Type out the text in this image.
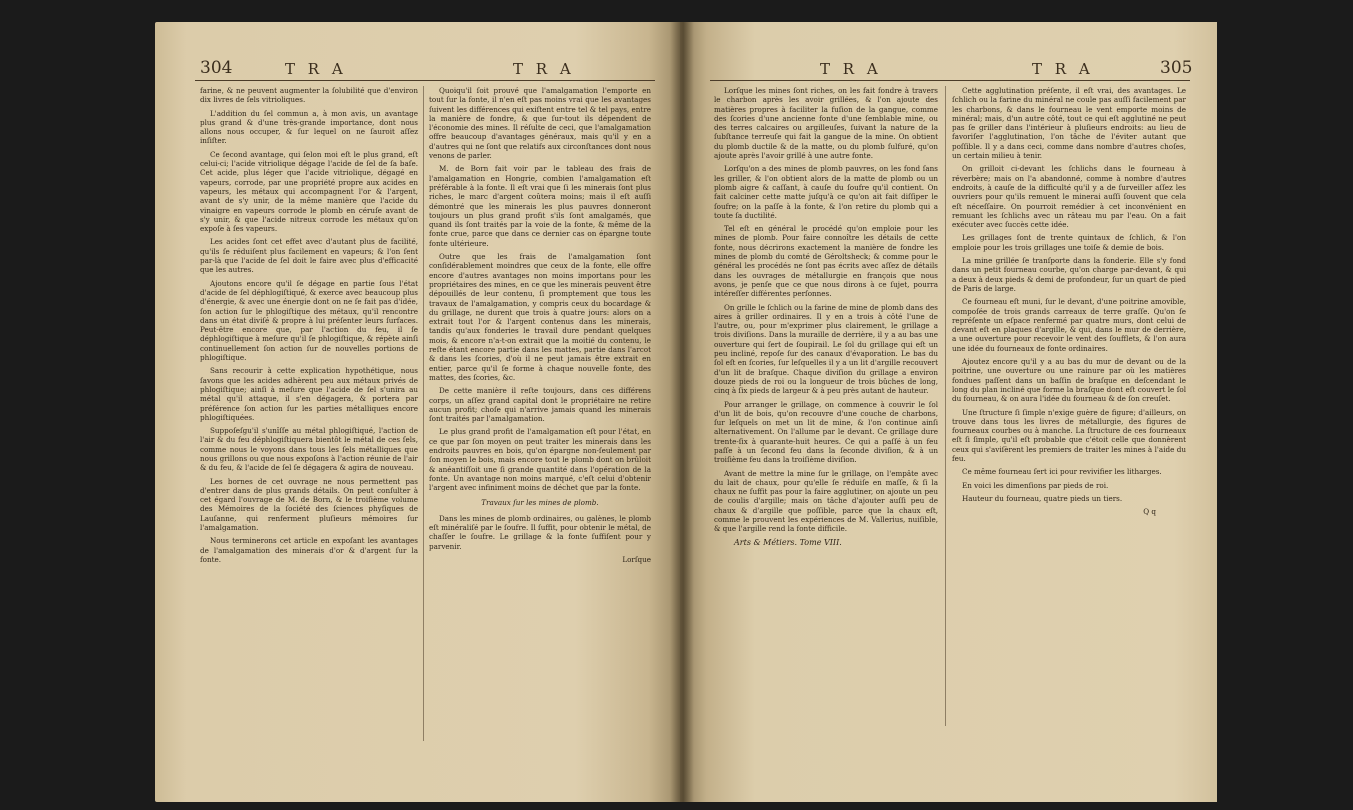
304	T R A	T R A

farine, & ne peuvent augmenter la ſolubilité que d'environ dix livres de ſels vitrioliques.

L'addition du ſel commun a, à mon avis, un avantage plus grand & d'une très-grande importance, dont nous allons nous occuper, & ſur lequel on ne ſauroit aſſez inſiſter.

Ce ſecond avantage, qui ſelon moi eſt le plus grand, eſt celui-ci; l'acide vitriolique dégage l'acide de ſel de ſa baſe. Cet acide, plus léger que l'acide vitriolique, dégagé en vapeurs, corrode, par une propriété propre aux acides en vapeurs, les métaux qui accompagnent l'or & l'argent, avant de s'y unir, de la même manière que l'acide du vinaigre en vapeurs corrode le plomb en céruſe avant de s'y unir, & que l'acide nitreux corrode les métaux qu'on expoſe à ſes vapeurs.

Les acides ſont cet effet avec d'autant plus de facilité, qu'ils ſe réduiſent plus facilement en vapeurs; & l'on ſent par-là que l'acide de ſel doit le faire avec plus d'efficacité que les autres.

Ajoutons encore qu'il ſe dégage en partie ſous l'état d'acide de ſel déphlogiſtiqué, & exerce avec beaucoup plus d'énergie, & avec une énergie dont on ne ſe fait pas d'idée, ſon action ſur le phlogiſtique des métaux, qu'il rencontre dans un état diviſé & propre à lui préſenter leurs ſurfaces. Peut-être encore que, par l'action du feu, il ſe déphlogiſtique à meſure qu'il ſe phlogiſtique, & répète ainſi continuellement ſon action ſur de nouvelles portions de phlogiſtique.

Sans recourir à cette explication hypothétique, nous ſavons que les acides adhèrent peu aux métaux privés de phlogiſtique; ainſi à meſure que l'acide de ſel s'unira au métal qu'il attaque, il s'en dégagera, & portera par préférence ſon action ſur les parties métalliques encore phlogiſtiquées.

Suppoſeſgu'il s'unîſſe au métal phlogiſtiqué, l'action de l'air & du feu déphlogiſtiquera bientôt le métal de ces ſels, comme nous le voyons dans tous les ſels métalliques que nous grillons ou que nous expoſons à l'action réunie de l'air & du feu, & l'acide de ſel ſe dégagera & agira de nouveau.

Les bornes de cet ouvrage ne nous permettent pas d'entrer dans de plus grands détails. On peut conſulter à cet égard l'ouvrage de M. de Born, & le troiſième volume des Mémoires de la ſociété des ſciences phyſiques de Lauſanne, qui renferment pluſieurs mémoires ſur l'amalgamation.

Nous terminerons cet article en expoſant les avantages de l'amalgamation des minerais d'or & d'argent ſur la fonte.

Quoiqu'il ſoit prouvé que l'amalgamation l'emporte en tout ſur la fonte, il n'en eſt pas moins vrai que les avantages ſuivent les différences qui exiſtent entre tel & tel pays, entre la manière de fondre, & que ſur-tout ils dépendent de l'économie des mines. Il réſulte de ceci, que l'amalgamation offre beaucoup d'avantages généraux, mais qu'il y en a d'autres qui ne ſont que relatifs aux circonſtances dont nous venons de parler.

M. de Born fait voir par le tableau des frais de l'amalgamation en Hongrie, combien l'amalgamation eſt préférable à la fonte. Il eſt vrai que ſi les minerais ſont plus riches, le marc d'argent coûtera moins; mais il eſt auſſi démontré que les minerais les plus pauvres donneront toujours un plus grand profit s'ils ſont amalgamés, que quand ils ſont traités par la voie de la fonte, & même de la fonte crue, parce que dans ce dernier cas on épargne toute fonte ultérieure.

Outre que les frais de l'amalgamation ſont conſidérablement moindres que ceux de la fonte, elle offre encore d'autres avantages non moins importans pour les propriétaires des mines, en ce que les minerais peuvent être dépouillés de leur contenu, ſi promptement que tous les travaux de l'amalgamation, y compris ceux du bocardage & du grillage, ne durent que trois à quatre jours: alors on a extrait tout l'or & l'argent contenus dans les minerais, tandis qu'aux fonderies le travail dure pendant quelques mois, & encore n'a-t-on extrait que la moitié du contenu, le reſte étant encore partie dans les mattes, partie dans l'arcot & dans les ſcories, d'où il ne peut jamais être extrait en entier, parce qu'il ſe forme à chaque nouvelle fonte, des mattes, des ſcories, &c.

De cette manière il reſte toujours, dans ces différens corps, un aſſez grand capital dont le propriétaire ne retire aucun profit; choſe qui n'arrive jamais quand les minerais ſont traités par l'amalgamation.

Le plus grand profit de l'amalgamation eſt pour l'état, en ce que par ſon moyen on peut traiter les minerais dans les endroits pauvres en bois, qu'on épargne non-ſeulement par ſon moyen le bois, mais encore tout le plomb dont on brûloit & anéantiſſoit une ſi grande quantité dans l'opération de la fonte. Un avantage non moins marqué, c'eſt celui d'obtenir l'argent avec infiniment moins de déchet que par la fonte.

Travaux ſur les mines de plomb.

Dans les mines de plomb ordinaires, ou galènes, le plomb eſt minéraliſé par le ſoufre. Il ſuffit, pour obtenir le métal, de chaſſer le ſoufre. Le grillage & la fonte ſuffiſent pour y parvenir.

Lorſque
T R A	T R A	305

Lorſque les mines ſont riches, on les fait fondre à travers le charbon après les avoir grillées, & l'on ajoute des matières propres à faciliter la fuſion de la gangue, comme des ſcories d'une ancienne fonte d'une ſemblable mine, ou des terres calcaires ou argilleuſes, ſuivant la nature de la ſubſtance terreuſe qui fait la gangue de la mine. On obtient du plomb ductile & de la matte, ou du plomb ſulfuré, qu'on ajoute après l'avoir grillé à une autre fonte.

Lorſqu'on a des mines de plomb pauvres, on les fond ſans les griller, & l'on obtient alors de la matte de plomb ou un plomb aigre & caſſant, à cauſe du ſoufre qu'il contient. On fait calciner cette matte juſqu'à ce qu'on ait fait diſſiper le ſoufre; on la paſſe à la fonte, & l'on retire du plomb qui a toute ſa ductilité.

Tel eſt en général le procédé qu'on emploie pour les mines de plomb. Pour faire connoître les détails de cette fonte, nous décrirons exactement la manière de fondre les mines de plomb du comté de Géroltsheck; & comme pour le général les procédés ne ſont pas écrits avec aſſez de détails dans les ouvrages de métallurgie en françois que nous avons, je penſe que ce que nous dirons à ce ſujet, pourra intéreſſer différentes perſonnes.

On grille le ſchlich ou la farine de mine de plomb dans des aires à griller ordinaires. Il y en a trois à côté l'une de l'autre, ou, pour m'exprimer plus clairement, le grillage a trois diviſions. Dans la muraille de derrière, il y a au bas une ouverture qui ſert de ſoupirail. Le ſol du grillage qui eſt un peu incliné, repoſe ſur des canaux d'évaporation. Le bas du ſol eſt en ſcories, ſur leſquelles il y a un lit d'argille recouvert d'un lit de braſque. Chaque diviſion du grillage a environ douze pieds de roi ou la longueur de trois bûches de long, cinq à ſix pieds de largeur & à peu près autant de hauteur.

Pour arranger le grillage, on commence à couvrir le ſol d'un lit de bois, qu'on recouvre d'une couche de charbons, ſur leſquels on met un lit de mine, & l'on continue ainſi alternativement. On l'allume par le devant. Ce grillage dure trente-ſix à quarante-huit heures. Ce qui a paſſé à un feu paſſe à un ſecond feu dans la ſeconde diviſion, & à un troiſième feu dans la troiſième diviſion.

Avant de mettre la mine ſur le grillage, on l'empâte avec du lait de chaux, pour qu'elle ſe réduiſe en maſſe, & ſi la chaux ne ſuffit pas pour la faire agglutiner, on ajoute un peu de coulis d'argille; mais on tâche d'ajouter auſſi peu de chaux & d'argille que poſſible, parce que la chaux eſt, comme le prouvent les expériences de M. Vallerius, nuiſible, & que l'argille rend la fonte difficile.

Arts & Métiers. Tome VIII.

Cette agglutination préſente, il eſt vrai, des avantages. Le ſchlich ou la farine du minéral ne coule pas auſſi facilement par les charbons, & dans le fourneau le vent emporte moins de minéral; mais, d'un autre côté, tout ce qui eſt agglutiné ne peut pas ſe griller dans l'intérieur à pluſieurs endroits: au lieu de favoriſer l'agglutination, l'on tâche de l'éviter autant que poſſible. Il y a dans ceci, comme dans nombre d'autres choſes, un certain milieu à tenir.

On grilloit ci-devant les ſchlichs dans le fourneau à réverbère; mais on l'a abandonné, comme à nombre d'autres endroits, à cauſe de la difficulté qu'il y a de ſurveiller aſſez les ouvriers pour qu'ils remuent le minerai auſſi ſouvent que cela eſt néceſſaire. On pourroit remédier à cet inconvénient en remuant les ſchlichs avec un râteau mu par l'eau. On a fait exécuter avec ſuccès cette idée.

Les grillages ſont de trente quintaux de ſchlich, & l'on emploie pour les trois grillages une toiſe & demie de bois.

La mine grillée ſe tranſporte dans la fonderie. Elle s'y fond dans un petit fourneau courbe, qu'on charge par-devant, & qui a deux à deux pieds & demi de profondeur, ſur un quart de pied de Paris de large.

Ce fourneau eſt muni, ſur le devant, d'une poitrine amovible, compoſée de trois grands carreaux de terre graſſe. Qu'on ſe repréſente un eſpace renfermé par quatre murs, dont celui de devant eſt en plaques d'argille, & qui, dans le mur de derrière, a une ouverture pour recevoir le vent des ſoufflets, & l'on aura une idée du fourneaux de fonte ordinaires.

Ajoutez encore qu'il y a au bas du mur de devant ou de la poitrine, une ouverture ou une rainure par où les matières fondues paſſent dans un baſſin de braſque en deſcendant le long du plan incliné que forme la braſque dont eſt couvert le ſol du fourneau, & on aura l'idée du fourneau & de ſon creuſet.

Une ſtructure ſi ſimple n'exige guère de figure; d'ailleurs, on trouve dans tous les livres de métallurgie, des figures de fourneaux courbes ou à manche. La ſtructure de ces fourneaux eſt ſi ſimple, qu'il eſt probable que c'étoit celle que donnèrent ceux qui s'aviſèrent les premiers de traiter les mines à l'aide du feu.

Ce même fourneau ſert ici pour revivifier les litharges.

En voici les dimenſions par pieds de roi.

Hauteur du fourneau, quatre pieds un tiers.

Q q
